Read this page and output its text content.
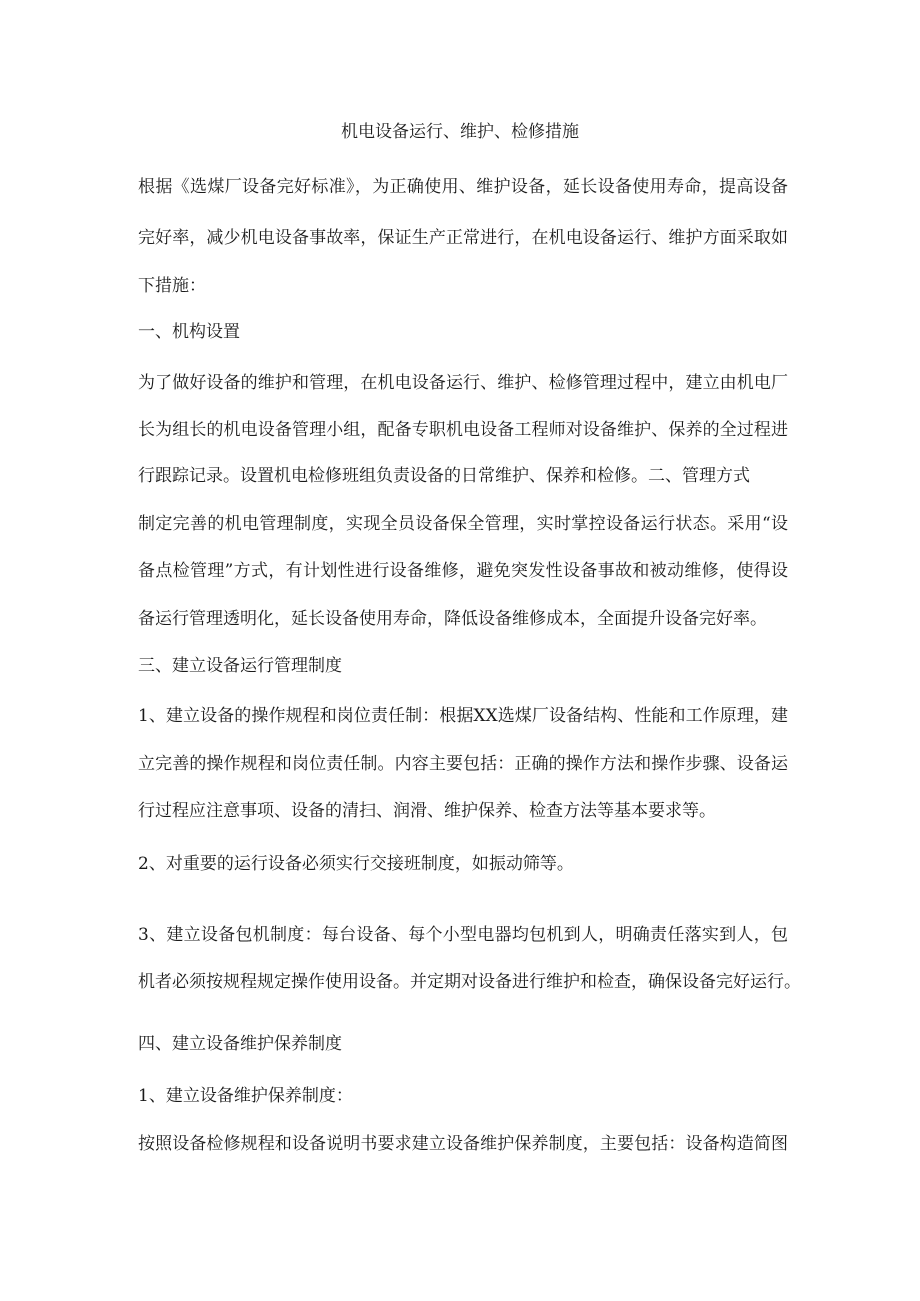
机电设备运行、维护、检修措施

根据《选煤厂设备完好标准》，为正确使用、维护设备，延长设备使用寿命，提高设备

完好率，减少机电设备事故率，保证生产正常进行，在机电设备运行、维护方面采取如

下措施：

一、机构设置

为了做好设备的维护和管理，在机电设备运行、维护、检修管理过程中，建立由机电厂

长为组长的机电设备管理小组，配备专职机电设备工程师对设备维护、保养的全过程进

行跟踪记录。设置机电检修班组负责设备的日常维护、保养和检修。二、管理方式

制定完善的机电管理制度，实现全员设备保全管理，实时掌控设备运行状态。采用“设

备点检管理”方式，有计划性进行设备维修，避免突发性设备事故和被动维修，使得设

备运行管理透明化，延长设备使用寿命，降低设备维修成本，全面提升设备完好率。

三、建立设备运行管理制度

1、建立设备的操作规程和岗位责任制：根据XX选煤厂设备结构、性能和工作原理，建

立完善的操作规程和岗位责任制。内容主要包括：正确的操作方法和操作步骤、设备运

行过程应注意事项、设备的清扫、润滑、维护保养、检查方法等基本要求等。

2、对重要的运行设备必须实行交接班制度，如振动筛等。

3、建立设备包机制度：每台设备、每个小型电器均包机到人，明确责任落实到人，包

机者必须按规程规定操作使用设备。并定期对设备进行维护和检查，确保设备完好运行。

四、建立设备维护保养制度

1、建立设备维护保养制度：

按照设备检修规程和设备说明书要求建立设备维护保养制度，主要包括：设备构造简图
